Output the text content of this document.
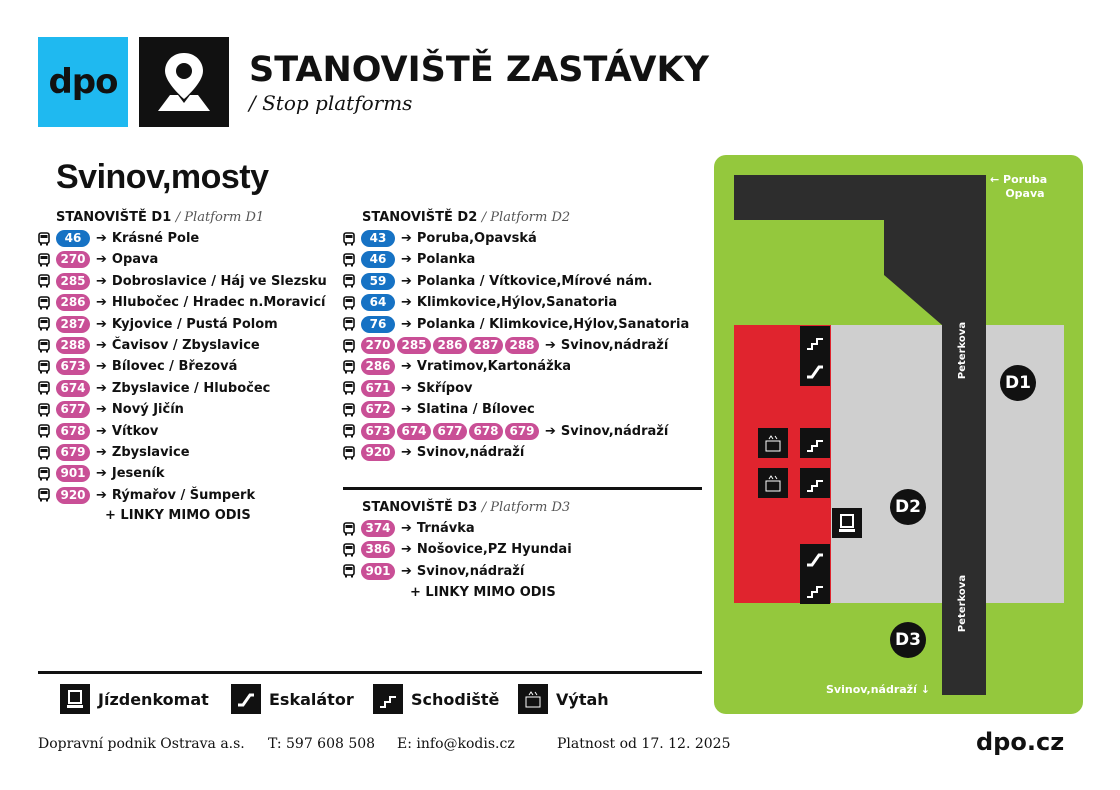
dpo	STANOVIŠTĚ ZASTÁVKY
/ Stop platforms
Svinov,mosty
STANOVIŠTĚ D1 / Platform D1	STANOVIŠTĚ D2 / Platform D2
STANOVIŠTĚ D3 / Platform D3
46	➔ Krásné Pole
270 ➔ Opava
285 ➔ Dobroslavice / Háj ve Slezsku
286 ➔ Hlubočec / Hradec n.Moravicí
287 ➔ Kyjovice / Pustá Polom
288 ➔ Čavisov / Zbyslavice
673 ➔ Bílovec / Březová
674 ➔ Zbyslavice / Hlubočec
677 ➔ Nový Jičín
678 ➔ Vítkov
679 ➔ Zbyslavice
901 ➔ Jeseník
920 ➔ Rýmařov / Šumperk
43	➔ Poruba,Opavská
46	➔ Polanka
59	➔ Polanka / Vítkovice,Mírové nám.
64	➔ Klimkovice,Hýlov,Sanatoria
76	➔ Polanka / Klimkovice,Hýlov,Sanatoria
270 285 286 287 288 ➔ Svinov,nádraží
286 ➔ Vratimov,Kartonážka
671 ➔ Skřípov
672 ➔ Slatina / Bílovec
673 674 677 678 679 ➔ Svinov,nádraží
920 ➔ Svinov,nádraží
374 ➔ Trnávka
386 ➔ Nošovice,PZ Hyundai
901 ➔ Svinov,nádraží
+ LINKY MIMO ODIS
+ LINKY MIMO ODIS
Peterkova
Peterkova
← Poruba
Opava
Svinov,nádraží ↓
D1
D2
D3
Jízdenkomat	Eskalátor	Schodiště	Výtah
Dopravní podnik Ostrava a.s. T: 597 608 508 E: info@kodis.cz	Platnost od 17. 12. 2025	dpo.cz
